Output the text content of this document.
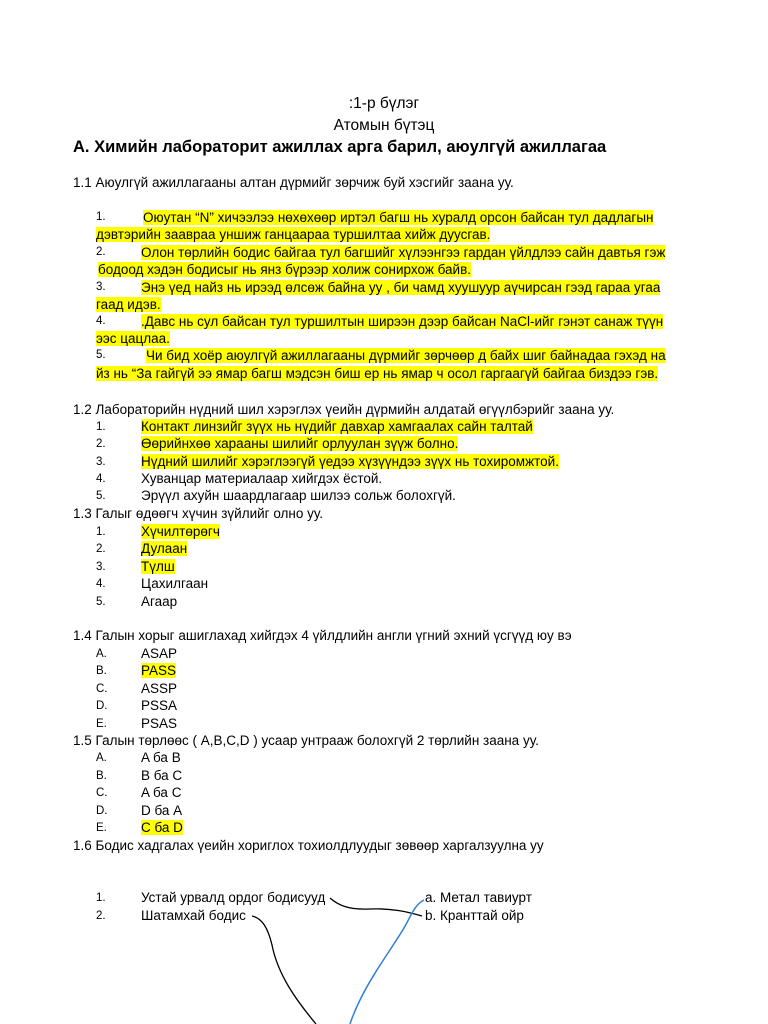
:1-р бүлэг
Атомын бүтэц
A. Химийн лабораторит ажиллах арга барил, аюулгүй ажиллагаа
1.1 Аюулгүй ажиллагааны алтан дүрмийг зөрчиж буй хэсгийг заана уу.
1.	Оюутан “N” хичээлээ нөхөхөөр иртэл багш нь хурaлд орсон байсан тул дадлагын
дэвтэрийн зааврaа уншиж ганцаараа туршилтаа хийж дуусгав.
2.	Олон төрлийн бодис байгаа тул багшийг хүлээнгээ гардан үйлдлээ сайн давтья гэж
бодоод хэдэн бодисыг нь янз бүрээр холиж сонирхож байв.
3.	Энэ үед найз нь ирээд өлсөж байна уу , би чамд хуушуур аүчирсан гээд гараа угаа
гаад идэв.
4.	.Давс нь сул байсан тул туршилтын ширээн дээр байсан NaCl-ийг гэнэт санаж түүн
ээс цацлаа.
5.	Чи бид хоёр аюулгүй ажиллагааны дүрмийг зөрчөөр д байх шиг байнадаа гэхэд на
йз нь “За гайгүй ээ ямар багш мэдсэн биш ер нь ямар ч осол гаргаагүй байгаа биздээ гэв.
1.2 Лабораторийн нүдний шил хэрэглэх үеийн дүрмийн алдатай өгүүлбэрийг заана уу.
1.	Контакт линзийг зүүх нь нүдийг давхар хамгаалах сайн талтай
2.	Өөрийнхөө хараaны шилийг орлуулан зүүж болно.
3.	Нүдний шилийг хэрэглээгүй үедээ хүзүүндээ зүүх нь тохиромжтой.
4.	Хуванцар материалаар хийгдэх ёстой.
5.	Эрүүл ахуйн шаардлагаар шилээ сольж болохгүй.
1.3 Галыг өдөөгч хүчин зүйлийг олно уу.
1.	Хүчилтөрөгч
2.	Дулаан
3.	Түлш
4.	Цахилгаан
5.	Агаар
1.4 Галын хорыг ашиглахад хийгдэх 4 үйлдлийн англи үгний эхний үсгүүд юу вэ
A.	ASAP
B.	PASS
C. ASSP
D. PSSA
E.	PSAS
1.5 Галын төрлөөс ( A,B,C,D ) усаар унтрааж болохгүй 2 төрлийн заана уу.
A.	A ба B
B.	B ба C
C. A ба C
D. D ба A
E.	C ба D
1.6 Бодис хадгалах үеийн хориглох тохиолдлуудыг зөвөөр харгалзуулна уу
1.	Устай урвалд ордог бодисууд
2.	Шатамхай бодис
a. Метал тавиурт
b. Кранттай ойр
